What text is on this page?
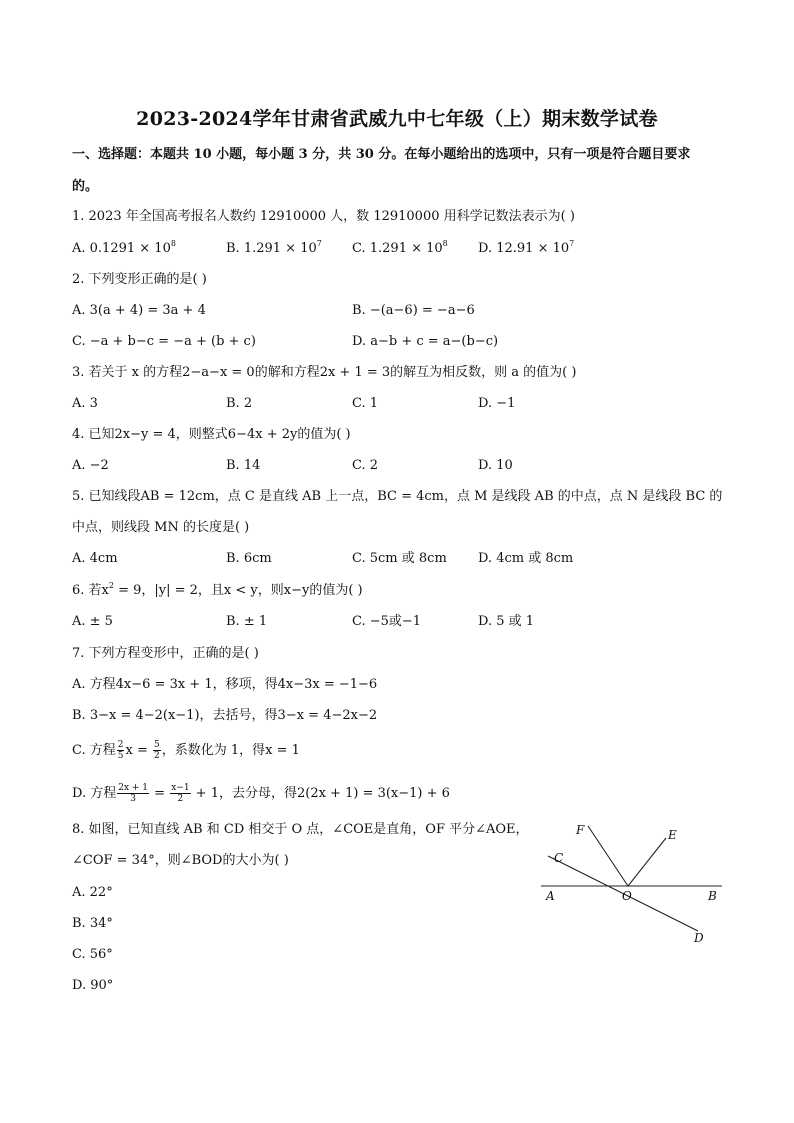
2023-2024学年甘肃省武威九中七年级（上）期末数学试卷
一、选择题：本题共 10 小题，每小题 3 分，共 30 分。在每小题给出的选项中，只有一项是符合题目要求
的。
1. 2023 年全国高考报名人数约 12910000 人，数 12910000 用科学记数法表示为( )
A. $0.1291 \times 10^8$	B. $1.291 \times 10^7$ C. $1.291 \times 10^8$ D. $12.91 \times 10^7$
2. 下列变形正确的是( )
A. 3(a + 4) = 3a + 4	B. −(a−6) = −a−6
C. −a + b−c = −a + (b + c)	D. a−b + c = a−(b−c)
3. 若关于 x 的方程2−a−x = 0的解和方程2x + 1 = 3的解互为相反数，则 a 的值为( )
A. 3	B. 2	C. 1	D. −1
4. 已知2x−y = 4，则整式6−4x + 2y的值为( )
A. −2	B. 14	C. 2	D. 10
5. 已知线段AB = 12cm，点 C 是直线 AB 上一点，BC = 4cm，点 M 是线段 AB 的中点，点 N 是线段 BC 的
中点，则线段 MN 的长度是( )
A. 4cm	B. 6cm	C. 5cm 或 8cm D. 4cm 或 8cm
6. 若$x^2 = 9$，|y| = 2，且x < y，则x−y的值为( )
A. ± 5	B. ± 1	C. −5或−1	D. 5 或 1
7. 下列方程变形中，正确的是( )
A. 方程4x−6 = 3x + 1，移项，得4x−3x = −1−6
B. 3−x = 4−2(x−1)，去括号，得3−x = 4−2x−2
C. 方程 $\frac{2}{5}$ $x = \frac{5}{2}$ ，系数化为 1，得x = 1
D. 方程 $\frac{2x + 1}{3} = \frac{x-1}{2} + 1$，去分母，得2(2x + 1) = 3(x−1) + 6
8. 如图，已知直线 AB 和 CD 相交于 O 点，∠COE是直角，OF 平分∠AOE，
∠COF = 34°，则∠BOD的大小为( )
A. 22°
B. 34°
C. 56°
D. 90°
F	E
C
A	O	B
D
